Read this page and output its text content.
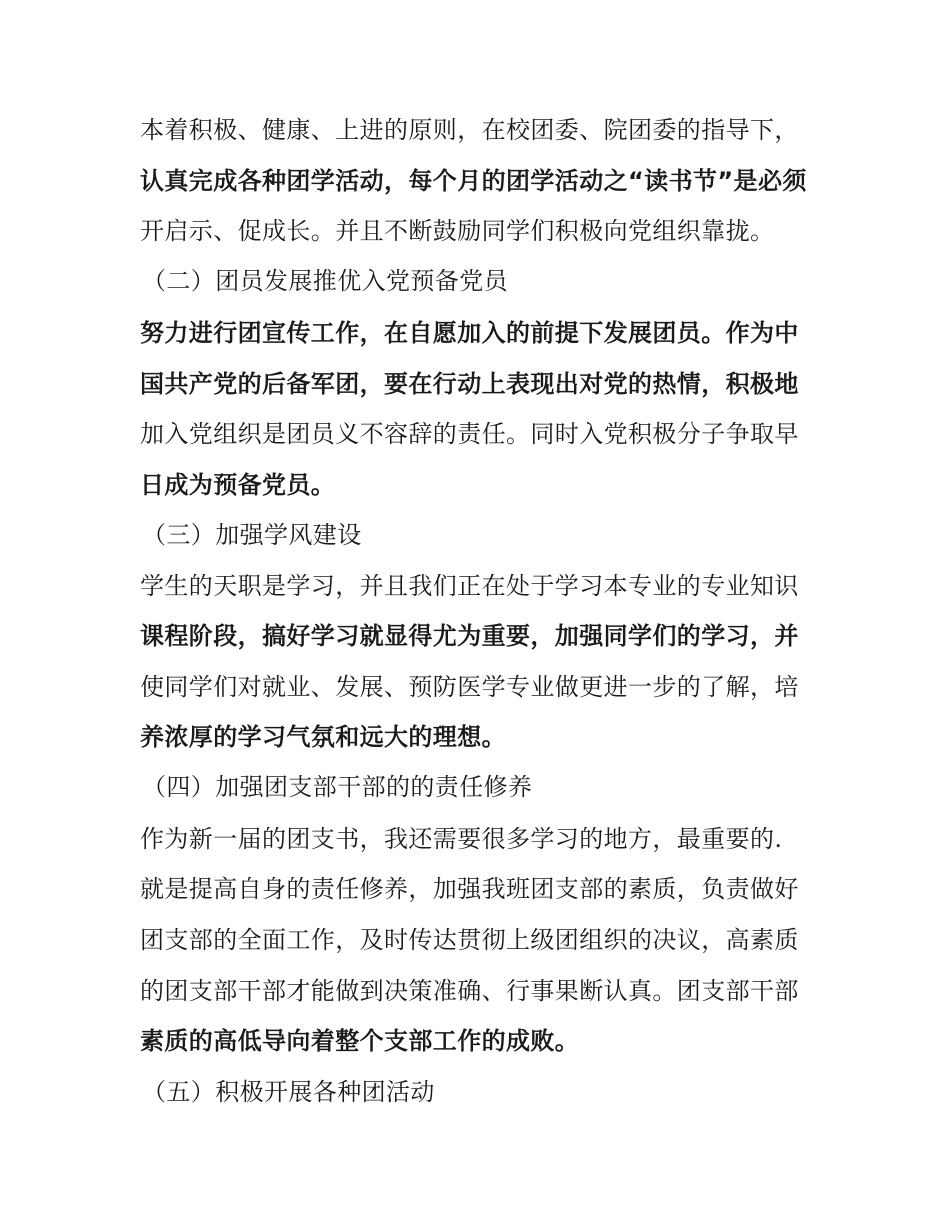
本着积极、健康、上进的原则，在校团委、院团委的指导下，
认真完成各种团学活动，每个月的团学活动之“读书节”是必须
开启示、促成长。并且不断鼓励同学们积极向党组织靠拢。
（二）团员发展推优入党预备党员
努力进行团宣传工作，在自愿加入的前提下发展团员。作为中
国共产党的后备军团，要在行动上表现出对党的热情，积极地
加入党组织是团员义不容辞的责任。同时入党积极分子争取早
日成为预备党员。
（三）加强学风建设
学生的天职是学习，并且我们正在处于学习本专业的专业知识
课程阶段，搞好学习就显得尤为重要，加强同学们的学习，并
使同学们对就业、发展、预防医学专业做更进一步的了解，培
养浓厚的学习气氛和远大的理想。
（四）加强团支部干部的的责任修养
作为新一届的团支书，我还需要很多学习的地方，最重要的.
就是提高自身的责任修养，加强我班团支部的素质，负责做好
团支部的全面工作，及时传达贯彻上级团组织的决议，高素质
的团支部干部才能做到决策准确、行事果断认真。团支部干部
素质的高低导向着整个支部工作的成败。
（五）积极开展各种团活动
